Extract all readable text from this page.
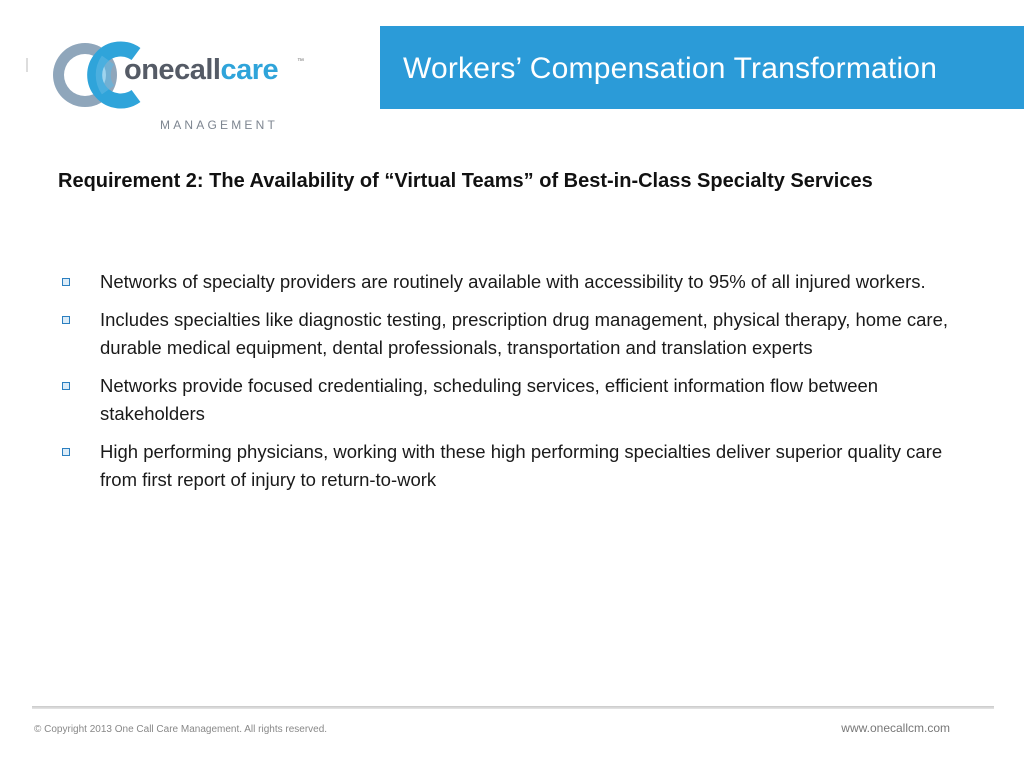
onecallcare
MANAGEMENT
™	Workers’ Compensation Transformation
Requirement 2: The Availability of “Virtual Teams” of Best-in-Class Specialty Services
Networks of specialty providers are routinely available with accessibility to 95% of all injured workers.
Includes specialties like diagnostic testing, prescription drug management, physical therapy, home care, durable medical equipment, dental professionals, transportation and translation experts
Networks provide focused credentialing, scheduling services, efficient information flow between stakeholders
High performing physicians, working with these high performing specialties deliver superior quality care from first report of injury to return-to-work
© Copyright 2013 One Call Care Management. All rights reserved.	www.onecallcm.com
